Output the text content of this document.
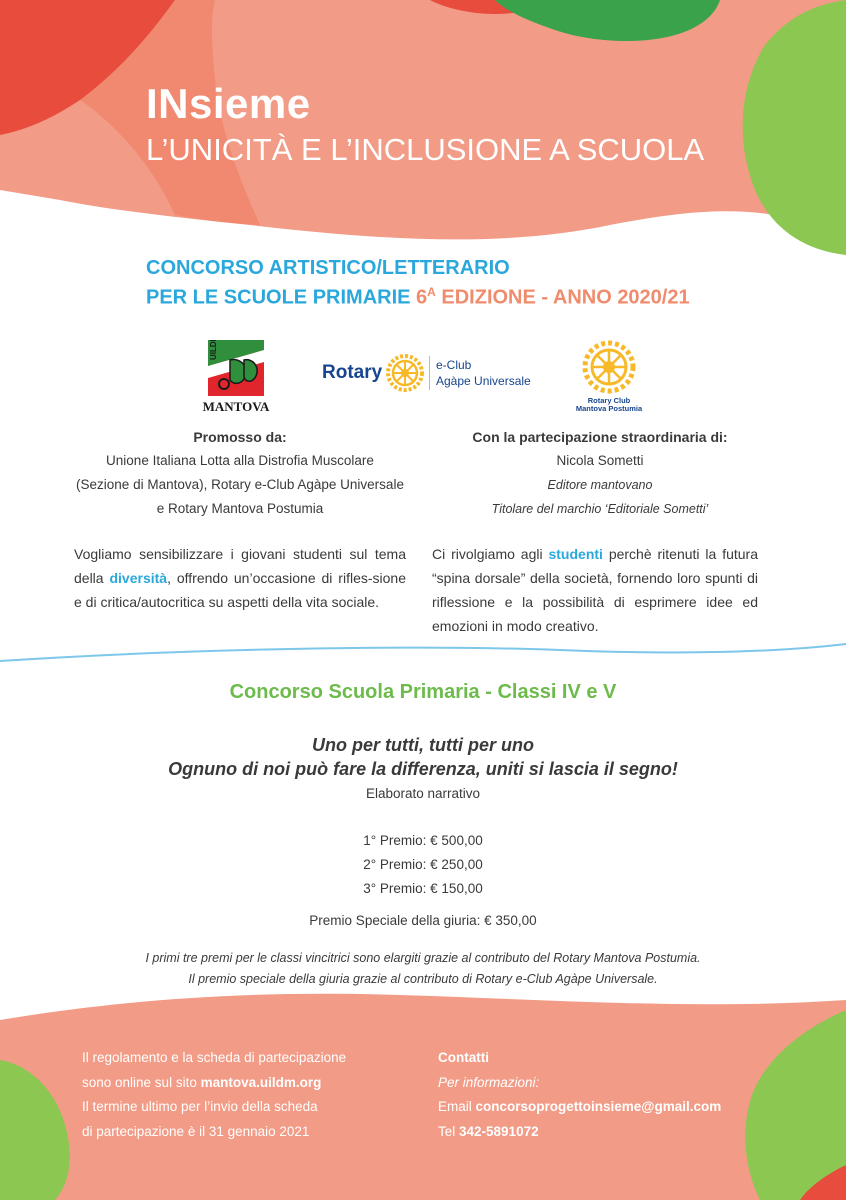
INsieme
L’UNICITÀ E L’INCLUSIONE A SCUOLA
CONCORSO ARTISTICO/LETTERARIO
PER LE SCUOLE PRIMARIE $6^A$ EDIZIONE - ANNO 2020/21
UILDM
MANTOVA
Rotary	e-Club
Agàpe Universale
Rotary Club
Mantova Postumia
Promosso da:
Unione Italiana Lotta alla Distrofia Muscolare
(Sezione di Mantova), Rotary e-Club Agàpe Universale
e Rotary Mantova Postumia
Con la partecipazione straordinaria di:
Nicola Sometti
Editore mantovano
Titolare del marchio ‘Editoriale Sometti’
Vogliamo sensibilizzare i giovani studenti sul tema della diversità, offrendo un’occasione di rifles-sione e di critica/autocritica su aspetti della vita sociale.
Ci rivolgiamo agli studenti perchè ritenuti la futura “spina dorsale” della società, fornendo loro spunti di riflessione e la possibilità di esprimere idee ed emozioni in modo creativo.
Concorso Scuola Primaria - Classi IV e V
Uno per tutti, tutti per uno
Ognuno di noi può fare la differenza, uniti si lascia il segno!
Elaborato narrativo
1° Premio: € 500,00
2° Premio: € 250,00
3° Premio: € 150,00
Premio Speciale della giuria: € 350,00
I primi tre premi per le classi vincitrici sono elargiti grazie al contributo del Rotary Mantova Postumia.
Il premio speciale della giuria grazie al contributo di Rotary e-Club Agàpe Universale.
Il regolamento e la scheda di partecipazione
sono online sul sito mantova.uildm.org
Il termine ultimo per l’invio della scheda
di partecipazione è il 31 gennaio 2021
Contatti
Per informazioni:
Email concorsoprogettoinsieme@gmail.com
Tel 342-5891072
